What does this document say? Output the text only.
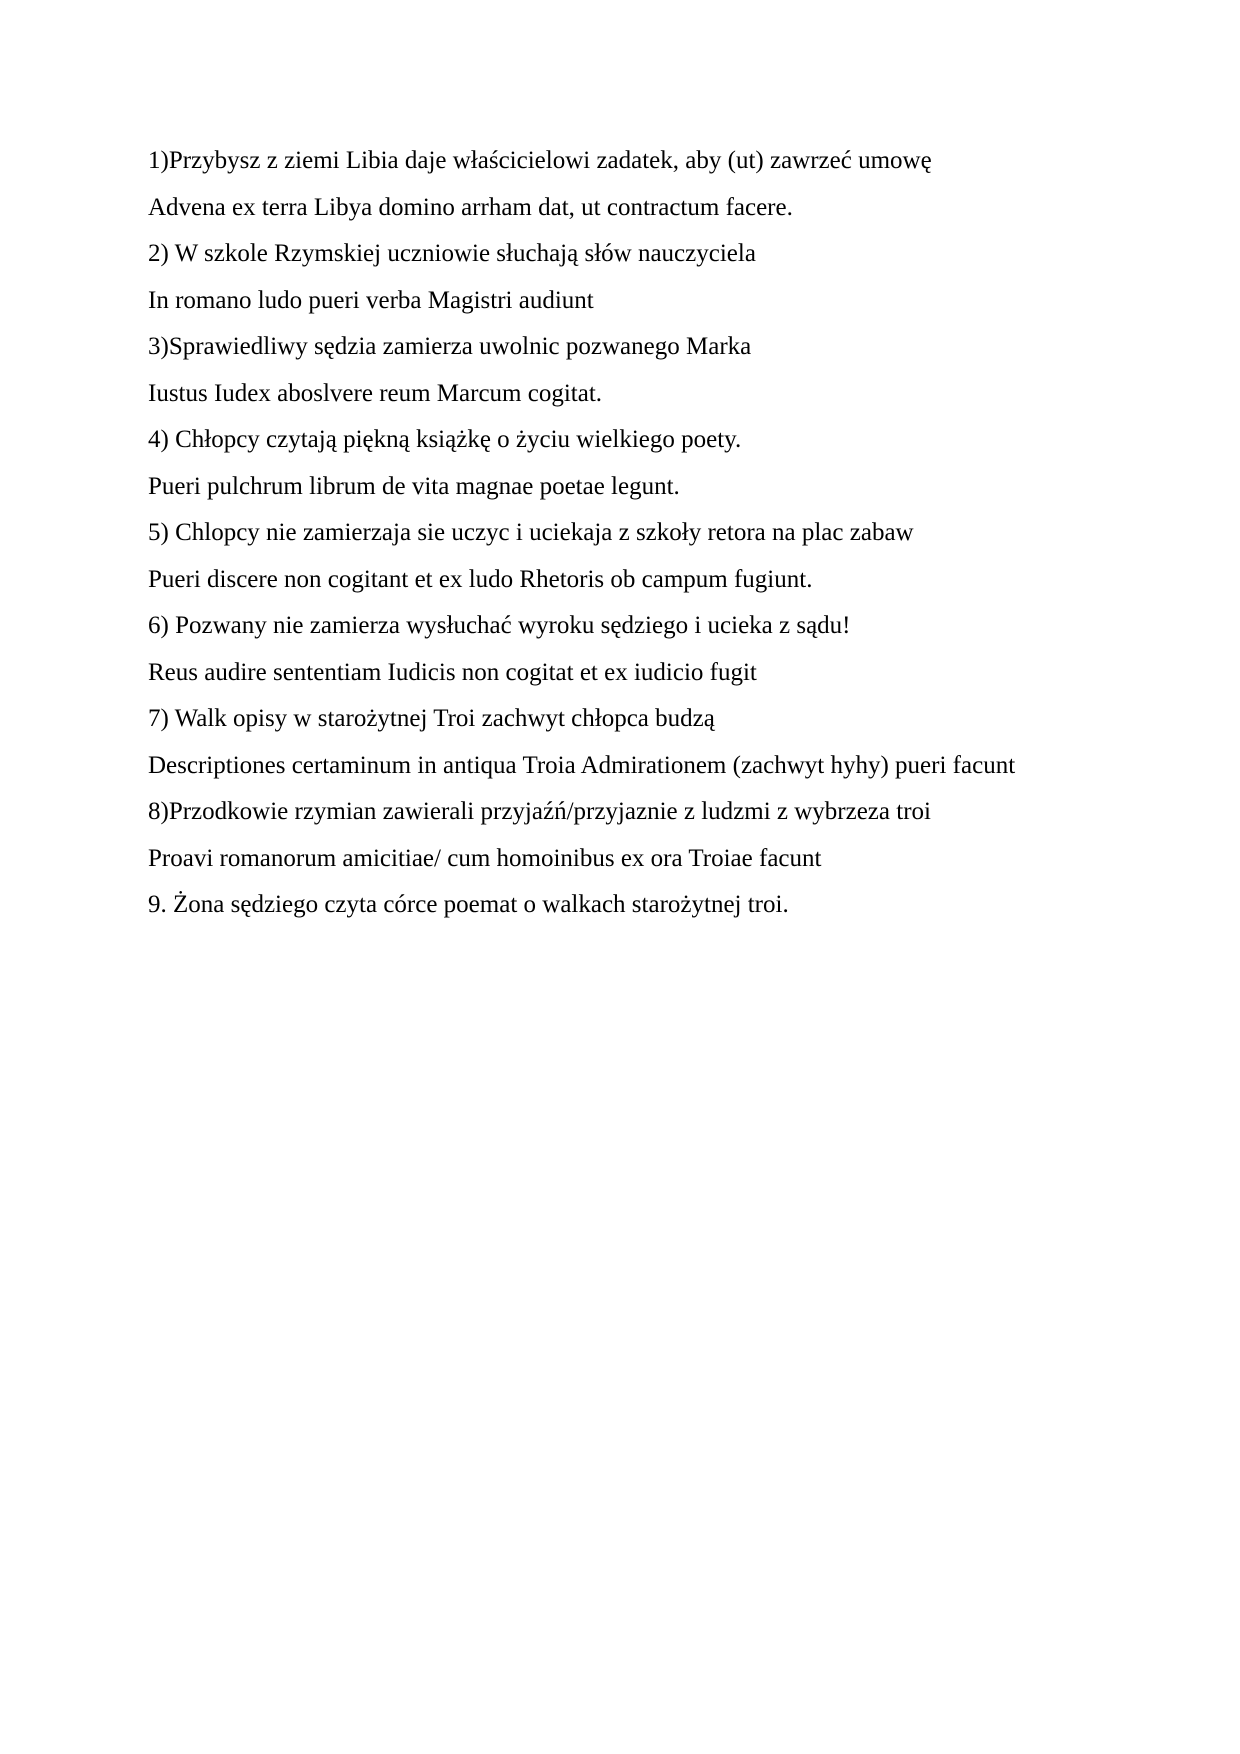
1)Przybysz z ziemi Libia daje właścicielowi zadatek, aby (ut) zawrzeć umowę
Advena ex terra Libya domino arrham dat, ut contractum facere.
2) W szkole Rzymskiej uczniowie słuchają słów nauczyciela
In romano ludo pueri verba Magistri audiunt
3)Sprawiedliwy sędzia zamierza uwolnic pozwanego Marka
Iustus Iudex aboslvere reum Marcum cogitat.
4) Chłopcy czytają piękną książkę o życiu wielkiego poety.
Pueri pulchrum librum de vita magnae poetae legunt.
5) Chlopcy nie zamierzaja sie uczyc i uciekaja z szkoły retora na plac zabaw
Pueri discere non cogitant et ex ludo Rhetoris ob campum fugiunt.
6) Pozwany nie zamierza wysłuchać wyroku sędziego i ucieka z sądu!
Reus audire sententiam Iudicis non cogitat et ex iudicio fugit
7) Walk opisy w starożytnej Troi zachwyt chłopca budzą
Descriptiones certaminum in antiqua Troia Admirationem (zachwyt hyhy) pueri facunt
8)Przodkowie rzymian zawierali przyjaźń/przyjaznie z ludzmi z wybrzeza troi
Proavi romanorum amicitiae/ cum homoinibus ex ora Troiae facunt
9. Żona sędziego czyta córce poemat o walkach starożytnej troi.
